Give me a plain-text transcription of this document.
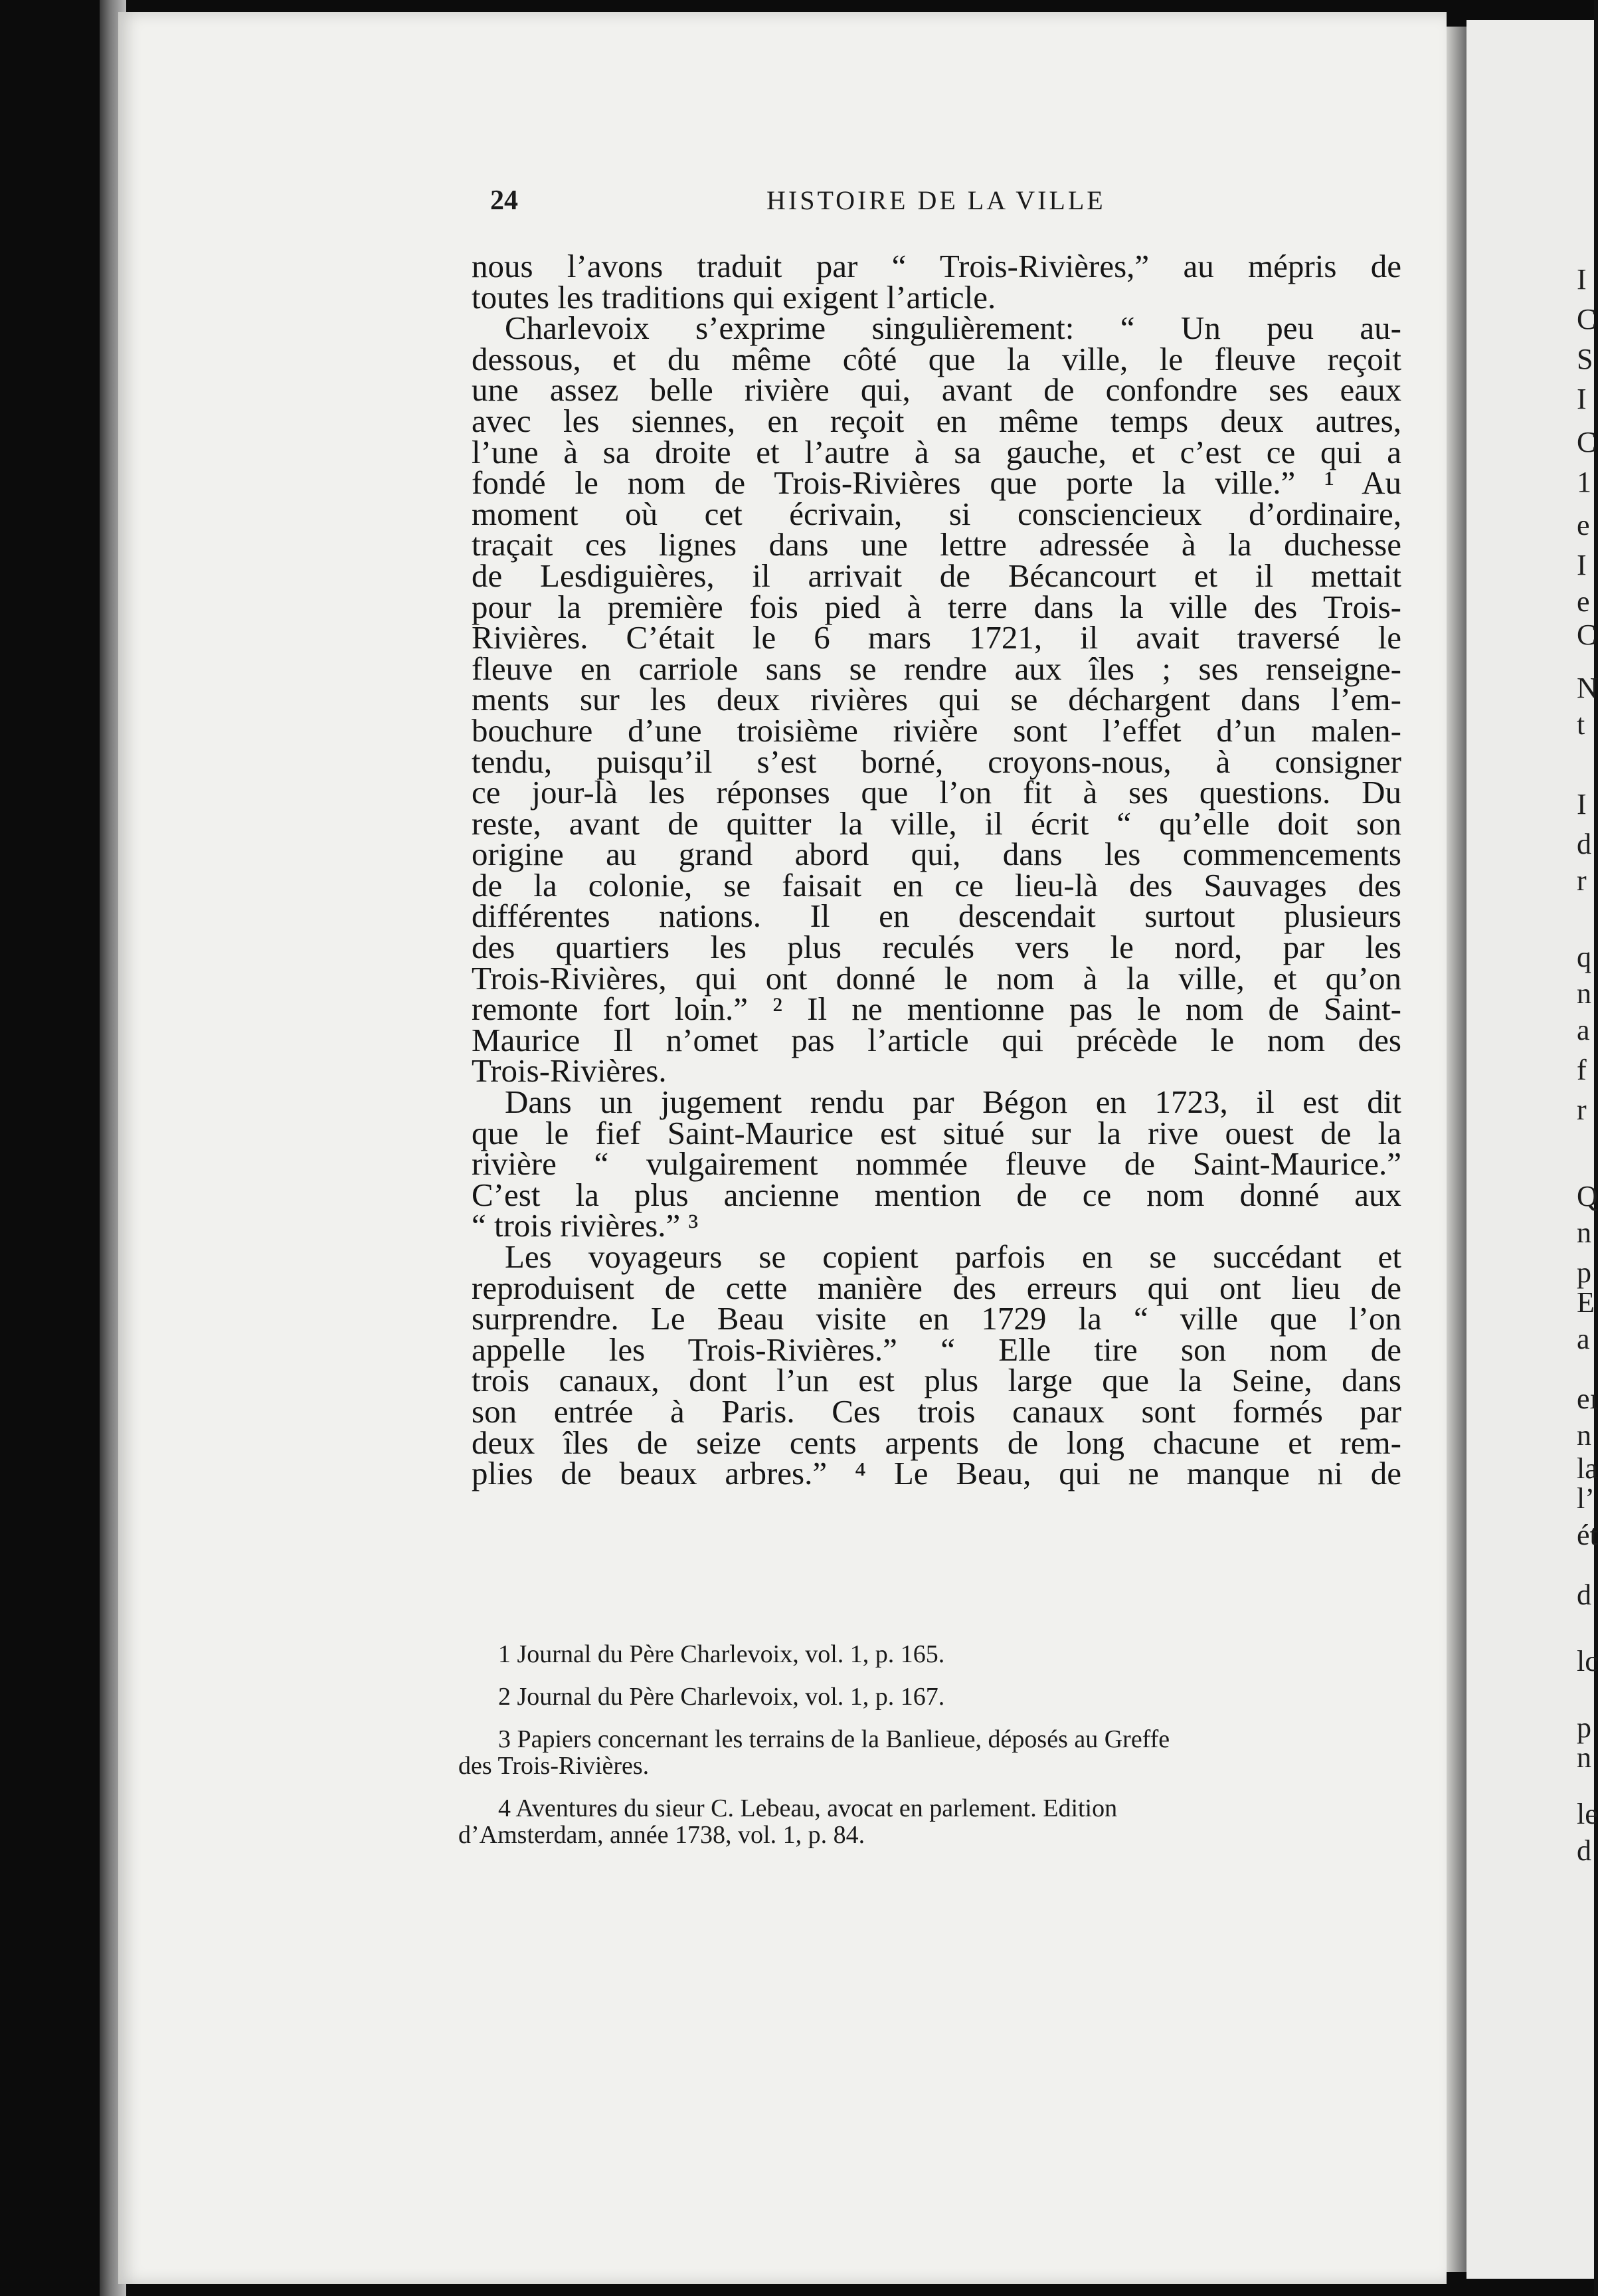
I
C
S
I
C
1
e
I
e
C
N
t
I
d
r
q
n
a
f
r
Q
n
p
E
a
eı
n
la
l’
ét
d
lc
p
n
le
d
24	HISTOIRE DE LA VILLE
nous l’avons traduit par “ Trois-Rivières,” au mépris de
toutes les traditions qui exigent l’article.
Charlevoix s’exprime singulièrement: “ Un peu au-
dessous, et du même côté que la ville, le fleuve reçoit
une assez belle rivière qui, avant de confondre ses eaux
avec les siennes, en reçoit en même temps deux autres,
l’une à sa droite et l’autre à sa gauche, et c’est ce qui a
fondé le nom de Trois-Rivières que porte la ville.” ¹ Au
moment où cet écrivain, si consciencieux d’ordinaire,
traçait ces lignes dans une lettre adressée à la duchesse
de Lesdiguières, il arrivait de Bécancourt et il mettait
pour la première fois pied à terre dans la ville des Trois-
Rivières. C’était le 6 mars 1721, il avait traversé le
fleuve en carriole sans se rendre aux îles ; ses renseigne-
ments sur les deux rivières qui se déchargent dans l’em-
bouchure d’une troisième rivière sont l’effet d’un malen-
tendu, puisqu’il s’est borné, croyons-nous, à consigner
ce jour-là les réponses que l’on fit à ses questions. Du
reste, avant de quitter la ville, il écrit “ qu’elle doit son
origine au grand abord qui, dans les commencements
de la colonie, se faisait en ce lieu-là des Sauvages des
différentes nations. Il en descendait surtout plusieurs
des quartiers les plus reculés vers le nord, par les
Trois-Rivières, qui ont donné le nom à la ville, et qu’on
remonte fort loin.” ² Il ne mentionne pas le nom de Saint-
Maurice Il n’omet pas l’article qui précède le nom des
Trois-Rivières.
Dans un jugement rendu par Bégon en 1723, il est dit
que le fief Saint-Maurice est situé sur la rive ouest de la
rivière “ vulgairement nommée fleuve de Saint-Maurice.”
C’est la plus ancienne mention de ce nom donné aux
“ trois rivières.” ³
Les voyageurs se copient parfois en se succédant et
reproduisent de cette manière des erreurs qui ont lieu de
surprendre. Le Beau visite en 1729 la “ ville que l’on
appelle les Trois-Rivières.” “ Elle tire son nom de
trois canaux, dont l’un est plus large que la Seine, dans
son entrée à Paris. Ces trois canaux sont formés par
deux îles de seize cents arpents de long chacune et rem-
plies de beaux arbres.” ⁴ Le Beau, qui ne manque ni de
1 Journal du Père Charlevoix, vol. 1, p. 165.
2 Journal du Père Charlevoix, vol. 1, p. 167.
3 Papiers concernant les terrains de la Banlieue, déposés au Greffe
des Trois-Rivières.
4 Aventures du sieur C. Lebeau, avocat en parlement. Edition
d’Amsterdam, année 1738, vol. 1, p. 84.
